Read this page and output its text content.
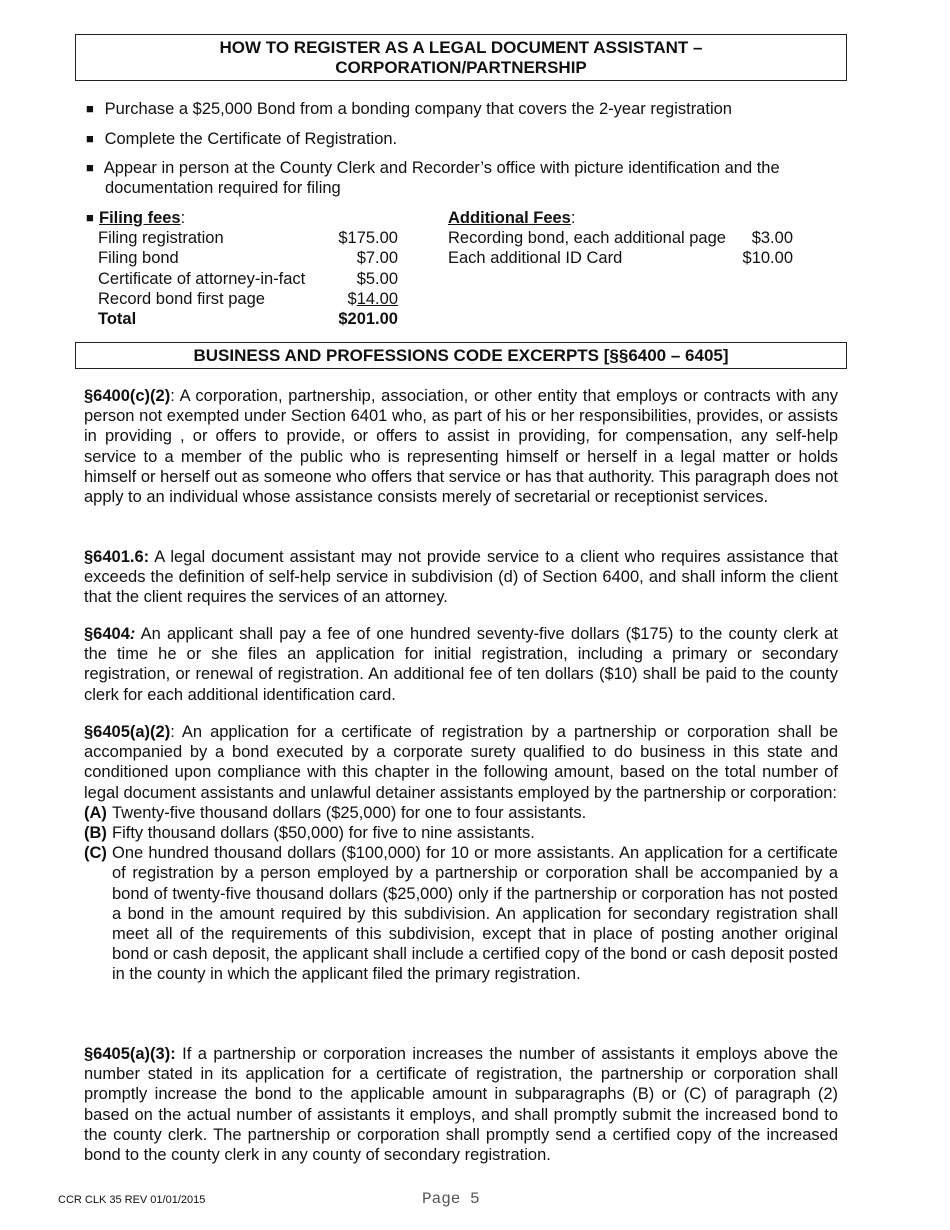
HOW TO REGISTER AS A LEGAL DOCUMENT ASSISTANT –
CORPORATION/PARTNERSHIP
■ Purchase a $25,000 Bond from a bonding company that covers the 2-year registration
■ Complete the Certificate of Registration.
■ Appear in person at the County Clerk and Recorder’s office with picture identification and the
documentation required for filing
■ Filing fees:
Filing registration	$175.00
Filing bond	$7.00
Certificate of attorney-in-fact	$5.00
Record bond first page	$14.00
Total	$201.00
Additional Fees:
Recording bond, each additional page $3.00
Each additional ID Card	$10.00
BUSINESS AND PROFESSIONS CODE EXCERPTS [§§6400 – 6405]
§6400(c)(2): A corporation, partnership, association, or other entity that employs or contracts with any person not exempted under Section 6401 who, as part of his or her responsibilities, provides, or assists in providing , or offers to provide, or offers to assist in providing, for compensation, any self-help service to a member of the public who is representing himself or herself in a legal matter or holds himself or herself out as someone who offers that service or has that authority. This paragraph does not apply to an individual whose assistance consists merely of secretarial or receptionist services.
§6401.6: A legal document assistant may not provide service to a client who requires assistance that exceeds the definition of self-help service in subdivision (d) of Section 6400, and shall inform the client that the client requires the services of an attorney.
§6404: An applicant shall pay a fee of one hundred seventy-five dollars ($175) to the county clerk at the time he or she files an application for initial registration, including a primary or secondary registration, or renewal of registration. An additional fee of ten dollars ($10) shall be paid to the county clerk for each additional identification card.
§6405(a)(2): An application for a certificate of registration by a partnership or corporation shall be accompanied by a bond executed by a corporate surety qualified to do business in this state and conditioned upon compliance with this chapter in the following amount, based on the total number of legal document assistants and unlawful detainer assistants employed by the partnership or corporation:
(A) Twenty-five thousand dollars ($25,000) for one to four assistants.
(B) Fifty thousand dollars ($50,000) for five to nine assistants.
(C) One hundred thousand dollars ($100,000) for 10 or more assistants. An application for a certificate of registration by a person employed by a partnership or corporation shall be accompanied by a bond of twenty-five thousand dollars ($25,000) only if the partnership or corporation has not posted a bond in the amount required by this subdivision. An application for secondary registration shall meet all of the requirements of this subdivision, except that in place of posting another original bond or cash deposit, the applicant shall include a certified copy of the bond or cash deposit posted in the county in which the applicant filed the primary registration.
§6405(a)(3): If a partnership or corporation increases the number of assistants it employs above the number stated in its application for a certificate of registration, the partnership or corporation shall promptly increase the bond to the applicable amount in subparagraphs (B) or (C) of paragraph (2) based on the actual number of assistants it employs, and shall promptly submit the increased bond to the county clerk. The partnership or corporation shall promptly send a certified copy of the increased bond to the county clerk in any county of secondary registration.
CCR CLK 35 REV 01/01/2015	Page 5
